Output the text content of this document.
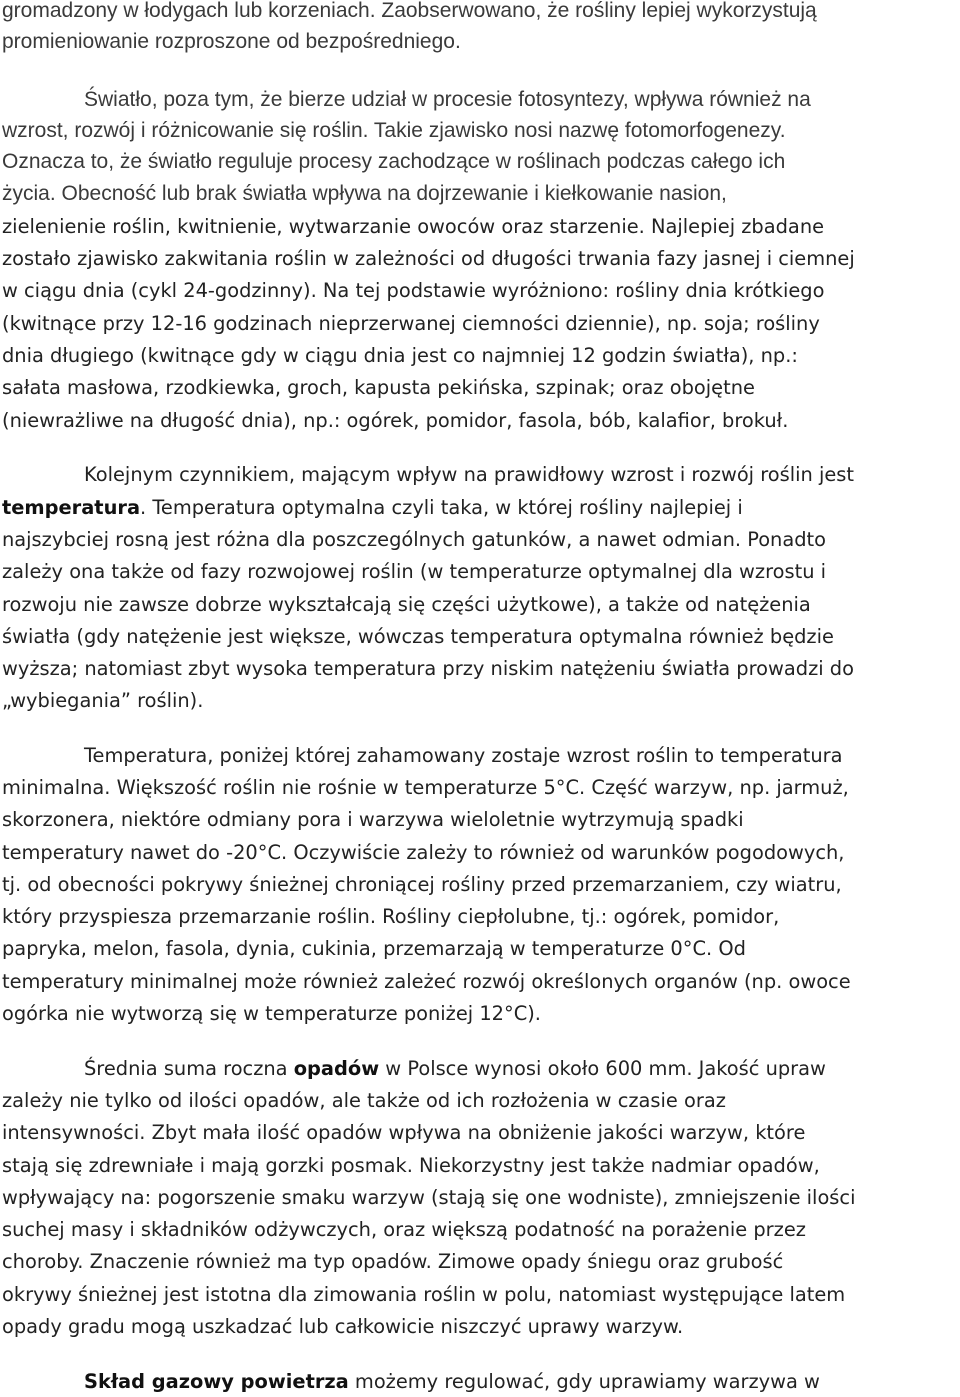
gromadzony w łodygach lub korzeniach. Zaobserwowano, że rośliny lepiej wykorzystują
promieniowanie rozproszone od bezpośredniego.
Światło, poza tym, że bierze udział w procesie fotosyntezy, wpływa również na
wzrost, rozwój i różnicowanie się roślin. Takie zjawisko nosi nazwę fotomorfogenezy.
Oznacza to, że światło reguluje procesy zachodzące w roślinach podczas całego ich
życia. Obecność lub brak światła wpływa na dojrzewanie i kiełkowanie nasion,
zielenienie roślin, kwitnienie, wytwarzanie owoców oraz starzenie. Najlepiej zbadane
zostało zjawisko zakwitania roślin w zależności od długości trwania fazy jasnej i ciemnej
w ciągu dnia (cykl 24-godzinny). Na tej podstawie wyróżniono: rośliny dnia krótkiego
(kwitnące przy 12-16 godzinach nieprzerwanej ciemności dziennie), np. soja; rośliny
dnia długiego (kwitnące gdy w ciągu dnia jest co najmniej 12 godzin światła), np.:
sałata masłowa, rzodkiewka, groch, kapusta pekińska, szpinak; oraz obojętne
(niewrażliwe na długość dnia), np.: ogórek, pomidor, fasola, bób, kalafior, brokuł.
Kolejnym czynnikiem, mającym wpływ na prawidłowy wzrost i rozwój roślin jest
temperatura. Temperatura optymalna czyli taka, w której rośliny najlepiej i
najszybciej rosną jest różna dla poszczególnych gatunków, a nawet odmian. Ponadto
zależy ona także od fazy rozwojowej roślin (w temperaturze optymalnej dla wzrostu i
rozwoju nie zawsze dobrze wykształcają się części użytkowe), a także od natężenia
światła (gdy natężenie jest większe, wówczas temperatura optymalna również będzie
wyższa; natomiast zbyt wysoka temperatura przy niskim natężeniu światła prowadzi do
„wybiegania” roślin).
Temperatura, poniżej której zahamowany zostaje wzrost roślin to temperatura
minimalna. Większość roślin nie rośnie w temperaturze 5°C. Część warzyw, np. jarmuż,
skorzonera, niektóre odmiany pora i warzywa wieloletnie wytrzymują spadki
temperatury nawet do -20°C. Oczywiście zależy to również od warunków pogodowych,
tj. od obecności pokrywy śnieżnej chroniącej rośliny przed przemarzaniem, czy wiatru,
który przyspiesza przemarzanie roślin. Rośliny ciepłolubne, tj.: ogórek, pomidor,
papryka, melon, fasola, dynia, cukinia, przemarzają w temperaturze 0°C. Od
temperatury minimalnej może również zależeć rozwój określonych organów (np. owoce
ogórka nie wytworzą się w temperaturze poniżej 12°C).
Średnia suma roczna opadów w Polsce wynosi około 600 mm. Jakość upraw
zależy nie tylko od ilości opadów, ale także od ich rozłożenia w czasie oraz
intensywności. Zbyt mała ilość opadów wpływa na obniżenie jakości warzyw, które
stają się zdrewniałe i mają gorzki posmak. Niekorzystny jest także nadmiar opadów,
wpływający na: pogorszenie smaku warzyw (stają się one wodniste), zmniejszenie ilości
suchej masy i składników odżywczych, oraz większą podatność na porażenie przez
choroby. Znaczenie również ma typ opadów. Zimowe opady śniegu oraz grubość
okrywy śnieżnej jest istotna dla zimowania roślin w polu, natomiast występujące latem
opady gradu mogą uszkadzać lub całkowicie niszczyć uprawy warzyw.
Skład gazowy powietrza możemy regulować, gdy uprawiamy warzywa w
